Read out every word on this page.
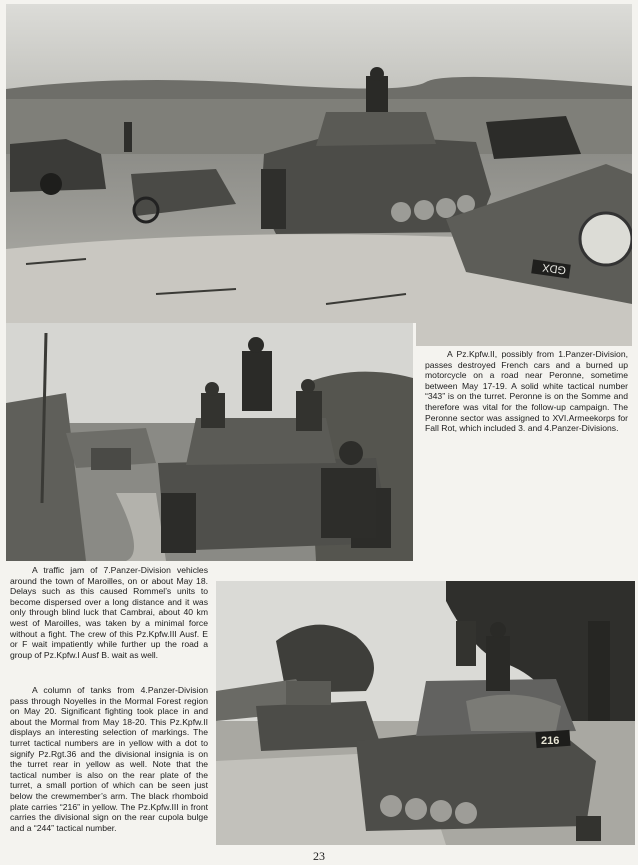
GDX
216

A Pz.Kpfw.II, possibly from 1.Panzer-Division, passes destroyed French cars and a burned up motorcycle on a road near Peronne, sometime between May 17-19. A solid white tactical number “343” is on the turret. Peronne is on the Somme and therefore was vital for the follow-up campaign. The Peronne sector was assigned to XVI.Armeekorps for Fall Rot, which included 3. and 4.Panzer-Divisions.

A traffic jam of 7.Panzer-Division vehicles around the town of Maroilles, on or about May 18. Delays such as this caused Rommel’s units to become dispersed over a long distance and it was only through blind luck that Cambrai, about 40 km west of Maroilles, was taken by a minimal force without a fight. The crew of this Pz.Kpfw.III Ausf. E or F wait impatiently while further up the road a group of Pz.Kpfw.I Ausf B. wait as well.

A column of tanks from 4.Panzer-Division pass through Noyelles in the Mormal Forest region on May 20. Significant fighting took place in and about the Mormal from May 18-20. This Pz.Kpfw.II displays an interesting selection of markings. The turret tactical numbers are in yellow with a dot to signify Pz.Rgt.36 and the divisional insignia is on the turret rear in yellow as well. Note that the tactical number is also on the rear plate of the turret, a small portion of which can be seen just below the crewmember’s arm. The black rhomboid plate carries “216” in yellow. The Pz.Kpfw.III in front carries the divisional sign on the rear cupola bulge and a “244” tactical number.

23
